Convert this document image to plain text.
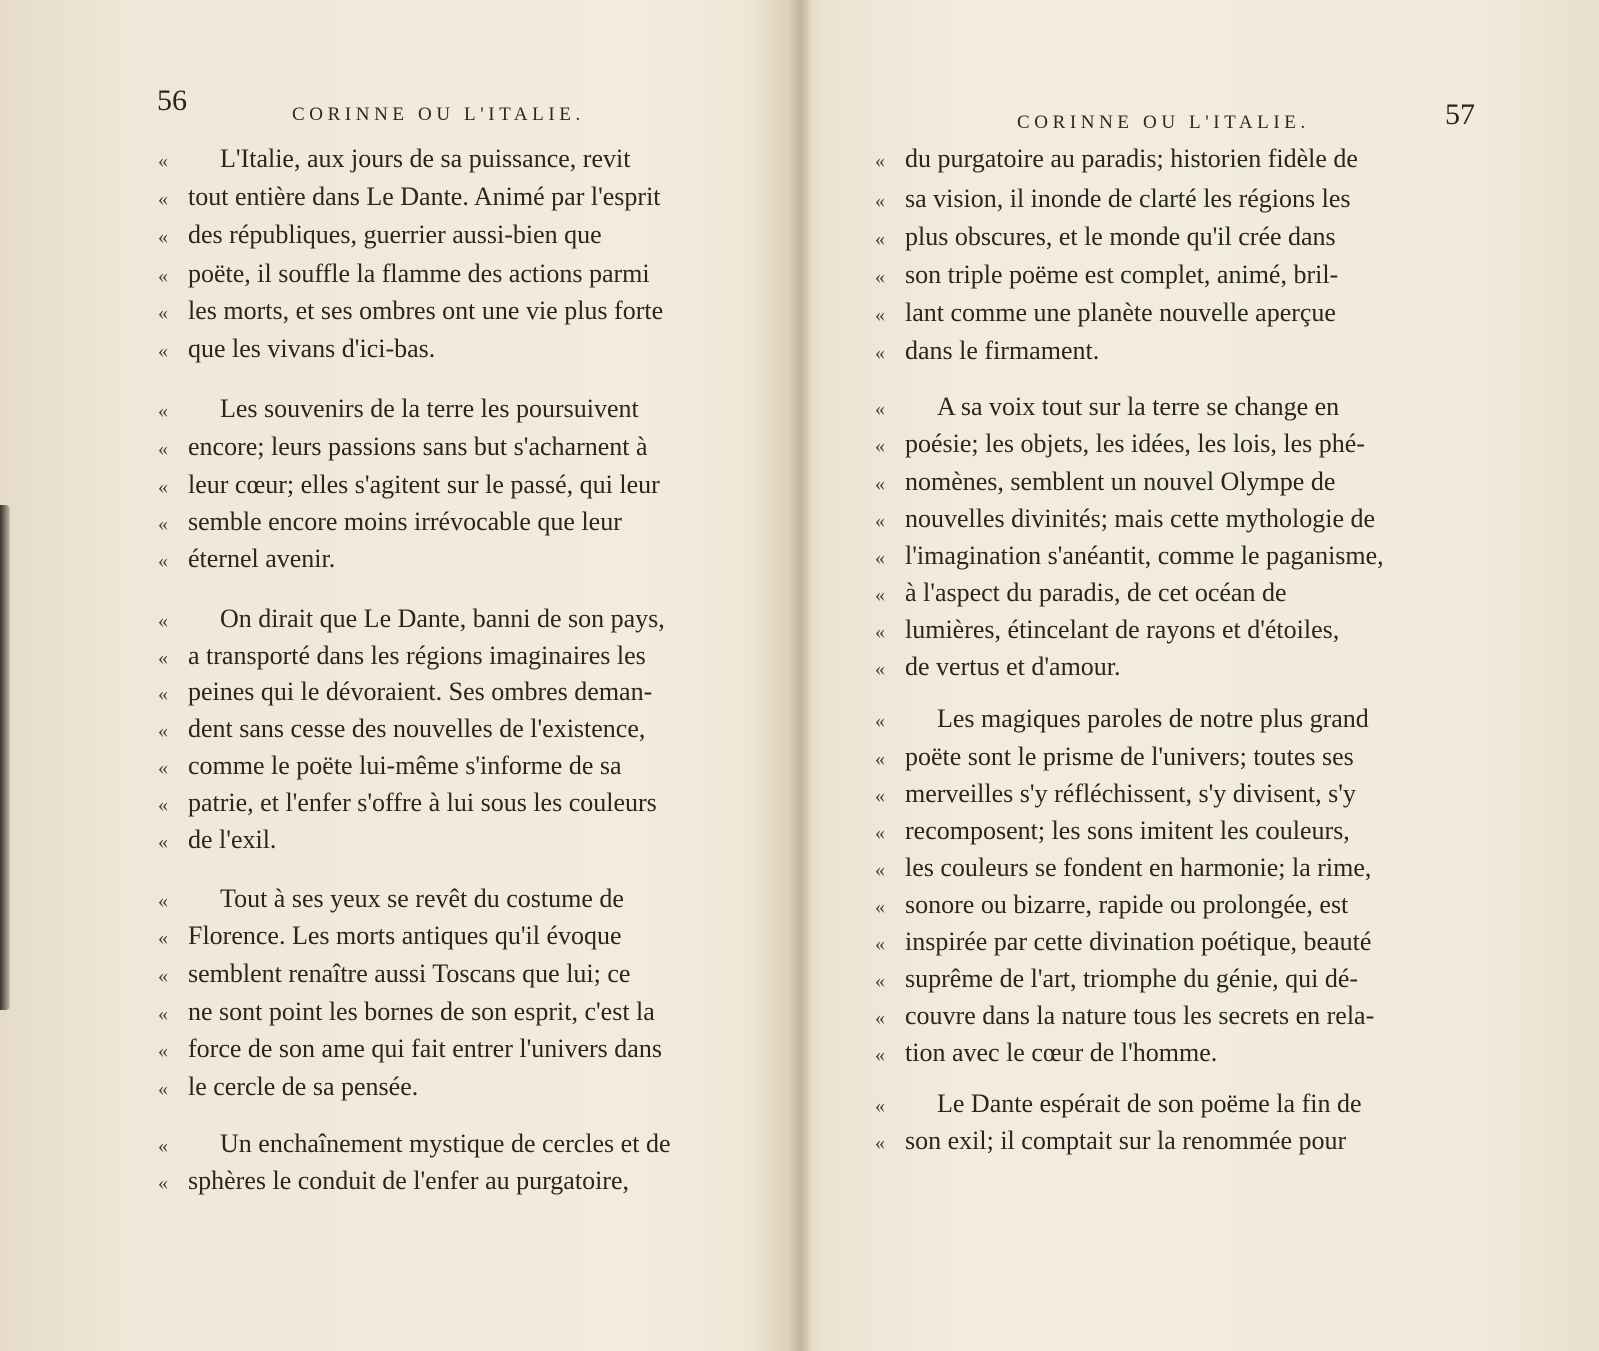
56	CORINNE OU L'ITALIE.
« L'Italie, aux jours de sa puissance, revit
« tout entière dans Le Dante. Animé par l'esprit
« des républiques, guerrier aussi-bien que
« poëte, il souffle la flamme des actions parmi
« les morts, et ses ombres ont une vie plus forte
« que les vivans d'ici-bas.
« Les souvenirs de la terre les poursuivent
« encore; leurs passions sans but s'acharnent à
« leur cœur; elles s'agitent sur le passé, qui leur
« semble encore moins irrévocable que leur
« éternel avenir.
« On dirait que Le Dante, banni de son pays,
« a transporté dans les régions imaginaires les
« peines qui le dévoraient. Ses ombres deman-
« dent sans cesse des nouvelles de l'existence,
« comme le poëte lui-même s'informe de sa
« patrie, et l'enfer s'offre à lui sous les couleurs
« de l'exil.
« Tout à ses yeux se revêt du costume de
« Florence. Les morts antiques qu'il évoque
« semblent renaître aussi Toscans que lui; ce
« ne sont point les bornes de son esprit, c'est la
« force de son ame qui fait entrer l'univers dans
« le cercle de sa pensée.
« Un enchaînement mystique de cercles et de
« sphères le conduit de l'enfer au purgatoire,
57
CORINNE OU L'ITALIE.
« du purgatoire au paradis; historien fidèle de
« sa vision, il inonde de clarté les régions les
« plus obscures, et le monde qu'il crée dans
« son triple poëme est complet, animé, bril-
« lant comme une planète nouvelle aperçue
« dans le firmament.
« A sa voix tout sur la terre se change en
« poésie; les objets, les idées, les lois, les phé-
« nomènes, semblent un nouvel Olympe de
« nouvelles divinités; mais cette mythologie de
« l'imagination s'anéantit, comme le paganisme,
« à l'aspect du paradis, de cet océan de
« lumières, étincelant de rayons et d'étoiles,
« de vertus et d'amour.
« Les magiques paroles de notre plus grand
« poëte sont le prisme de l'univers; toutes ses
« merveilles s'y réfléchissent, s'y divisent, s'y
« recomposent; les sons imitent les couleurs,
« les couleurs se fondent en harmonie; la rime,
« sonore ou bizarre, rapide ou prolongée, est
« inspirée par cette divination poétique, beauté
« suprême de l'art, triomphe du génie, qui dé-
« couvre dans la nature tous les secrets en rela-
« tion avec le cœur de l'homme.
« Le Dante espérait de son poëme la fin de
« son exil; il comptait sur la renommée pour
